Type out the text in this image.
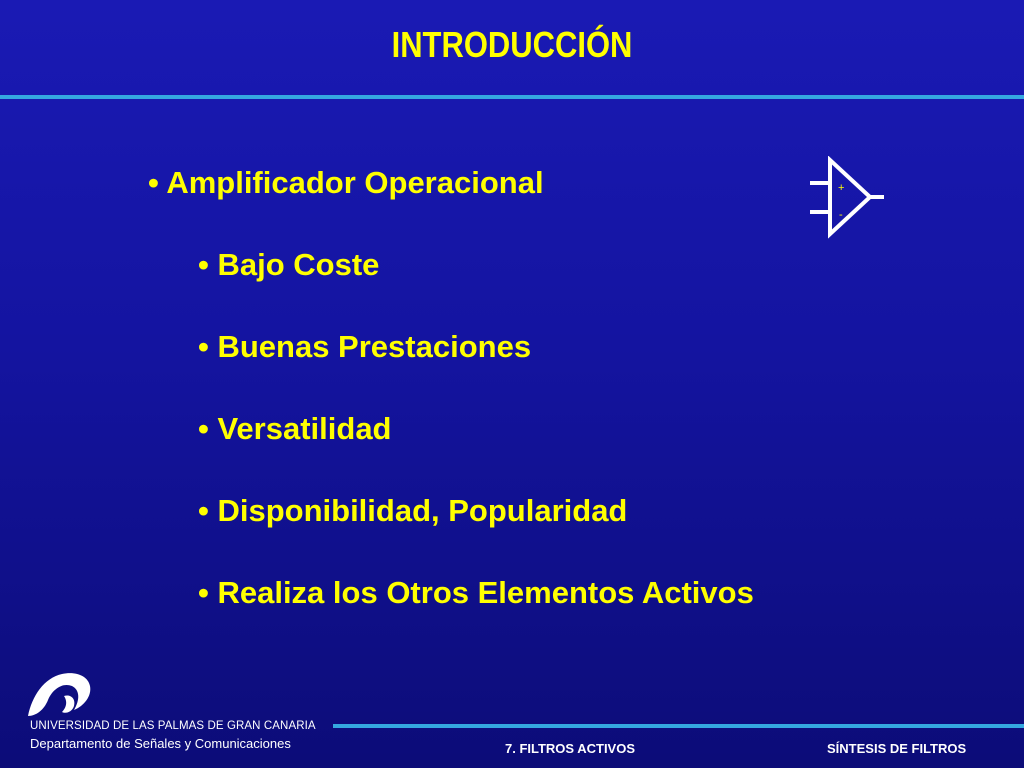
INTRODUCCIÓN
• Amplificador Operacional
• Bajo Coste
• Buenas Prestaciones
• Versatilidad
• Disponibilidad, Popularidad
• Realiza los Otros Elementos Activos
+
-
UNIVERSIDAD DE LAS PALMAS DE GRAN CANARIA
Departamento de Señales y Comunicaciones	7. FILTROS ACTIVOS	SÍNTESIS DE FILTROS
